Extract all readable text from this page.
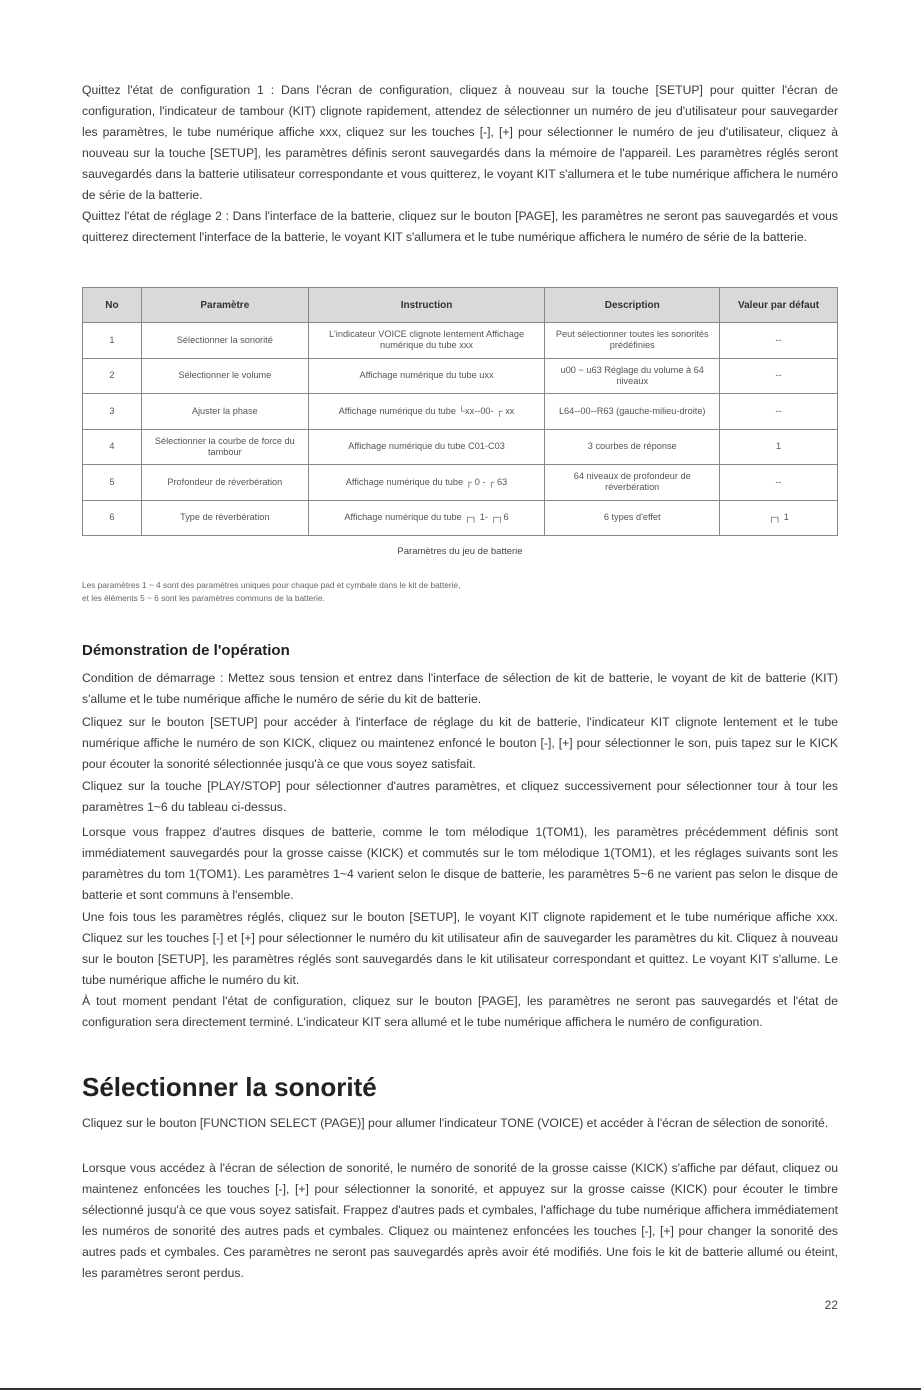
Quittez l'état de configuration 1 : Dans l'écran de configuration, cliquez à nouveau sur la touche [SETUP] pour quitter l'écran de configuration, l'indicateur de tambour (KIT) clignote rapidement, attendez de sélectionner un numéro de jeu d'utilisateur pour sauvegarder les paramètres, le tube numérique affiche xxx, cliquez sur les touches [-], [+] pour sélectionner le numéro de jeu d'utilisateur, cliquez à nouveau sur la touche [SETUP], les paramètres définis seront sauvegardés dans la mémoire de l'appareil. Les paramètres réglés seront sauvegardés dans la batterie utilisateur correspondante et vous quitterez, le voyant KIT s'allumera et le tube numérique affichera le numéro de série de la batterie.

Quittez l'état de réglage 2 : Dans l'interface de la batterie, cliquez sur le bouton [PAGE], les paramètres ne seront pas sauvegardés et vous quitterez directement l'interface de la batterie, le voyant KIT s'allumera et le tube numérique affichera le numéro de série de la batterie.

No	Paramètre	Instruction	Description	Valeur par défaut
1	Sélectionner la sonorité	L'indicateur VOICE clignote lentement Affichage numérique du tube xxx	Peut sélectionner toutes les sonorités prédéfinies	--
2	Sélectionner le volume	Affichage numérique du tube uxx	u00 ~ u63 Réglage du volume à 64 niveaux	--
3	Ajuster la phase	Affichage numérique du tube └xx--00- ┌ xx	L64--00--R63 (gauche-milieu-droite)	--
4	Sélectionner la courbe de force du tambour	Affichage numérique du tube C01-C03	3 courbes de réponse	1
5	Profondeur de réverbération	Affichage numérique du tube ┌ 0 - ┌ 63	64 niveaux de profondeur de réverbération	--
6	Type de réverbération	Affichage numérique du tube ┌┐ 1- ┌┐6	6 types d'effet	┌┐ 1
Paramètres du jeu de batterie
Les paramètres 1 ~ 4 sont des paramètres uniques pour chaque pad et cymbale dans le kit de batterie,
et les éléments 5 ~ 6 sont les paramètres communs de la batterie.
Démonstration de l'opération

Condition de démarrage : Mettez sous tension et entrez dans l'interface de sélection de kit de batterie, le voyant de kit de batterie (KIT) s'allume et le tube numérique affiche le numéro de série du kit de batterie.

Cliquez sur le bouton [SETUP] pour accéder à l'interface de réglage du kit de batterie, l'indicateur KIT clignote lentement et le tube numérique affiche le numéro de son KICK, cliquez ou maintenez enfoncé le bouton [-], [+] pour sélectionner le son, puis tapez sur le KICK pour écouter la sonorité sélectionnée jusqu'à ce que vous soyez satisfait.

Cliquez sur la touche [PLAY/STOP] pour sélectionner d'autres paramètres, et cliquez successivement pour sélectionner tour à tour les paramètres 1~6 du tableau ci-dessus.

Lorsque vous frappez d'autres disques de batterie, comme le tom mélodique 1(TOM1), les paramètres précédemment définis sont immédiatement sauvegardés pour la grosse caisse (KICK) et commutés sur le tom mélodique 1(TOM1), et les réglages suivants sont les paramètres du tom 1(TOM1). Les paramètres 1~4 varient selon le disque de batterie, les paramètres 5~6 ne varient pas selon le disque de batterie et sont communs à l'ensemble.

Une fois tous les paramètres réglés, cliquez sur le bouton [SETUP], le voyant KIT clignote rapidement et le tube numérique affiche xxx. Cliquez sur les touches [-] et [+] pour sélectionner le numéro du kit utilisateur afin de sauvegarder les paramètres du kit. Cliquez à nouveau sur le bouton [SETUP], les paramètres réglés sont sauvegardés dans le kit utilisateur correspondant et quittez. Le voyant KIT s'allume. Le tube numérique affiche le numéro du kit.

À tout moment pendant l'état de configuration, cliquez sur le bouton [PAGE], les paramètres ne seront pas sauvegardés et l'état de configuration sera directement terminé. L'indicateur KIT sera allumé et le tube numérique affichera le numéro de configuration.

Sélectionner la sonorité

Cliquez sur le bouton [FUNCTION SELECT (PAGE)] pour allumer l'indicateur TONE (VOICE) et accéder à l'écran de sélection de sonorité.

Lorsque vous accédez à l'écran de sélection de sonorité, le numéro de sonorité de la grosse caisse (KICK) s'affiche par défaut, cliquez ou maintenez enfoncées les touches [-], [+] pour sélectionner la sonorité, et appuyez sur la grosse caisse (KICK) pour écouter le timbre sélectionné jusqu'à ce que vous soyez satisfait. Frappez d'autres pads et cymbales, l'affichage du tube numérique affichera immédiatement les numéros de sonorité des autres pads et cymbales. Cliquez ou maintenez enfoncées les touches [-], [+] pour changer la sonorité des autres pads et cymbales. Ces paramètres ne seront pas sauvegardés après avoir été modifiés. Une fois le kit de batterie allumé ou éteint, les paramètres seront perdus.

22
